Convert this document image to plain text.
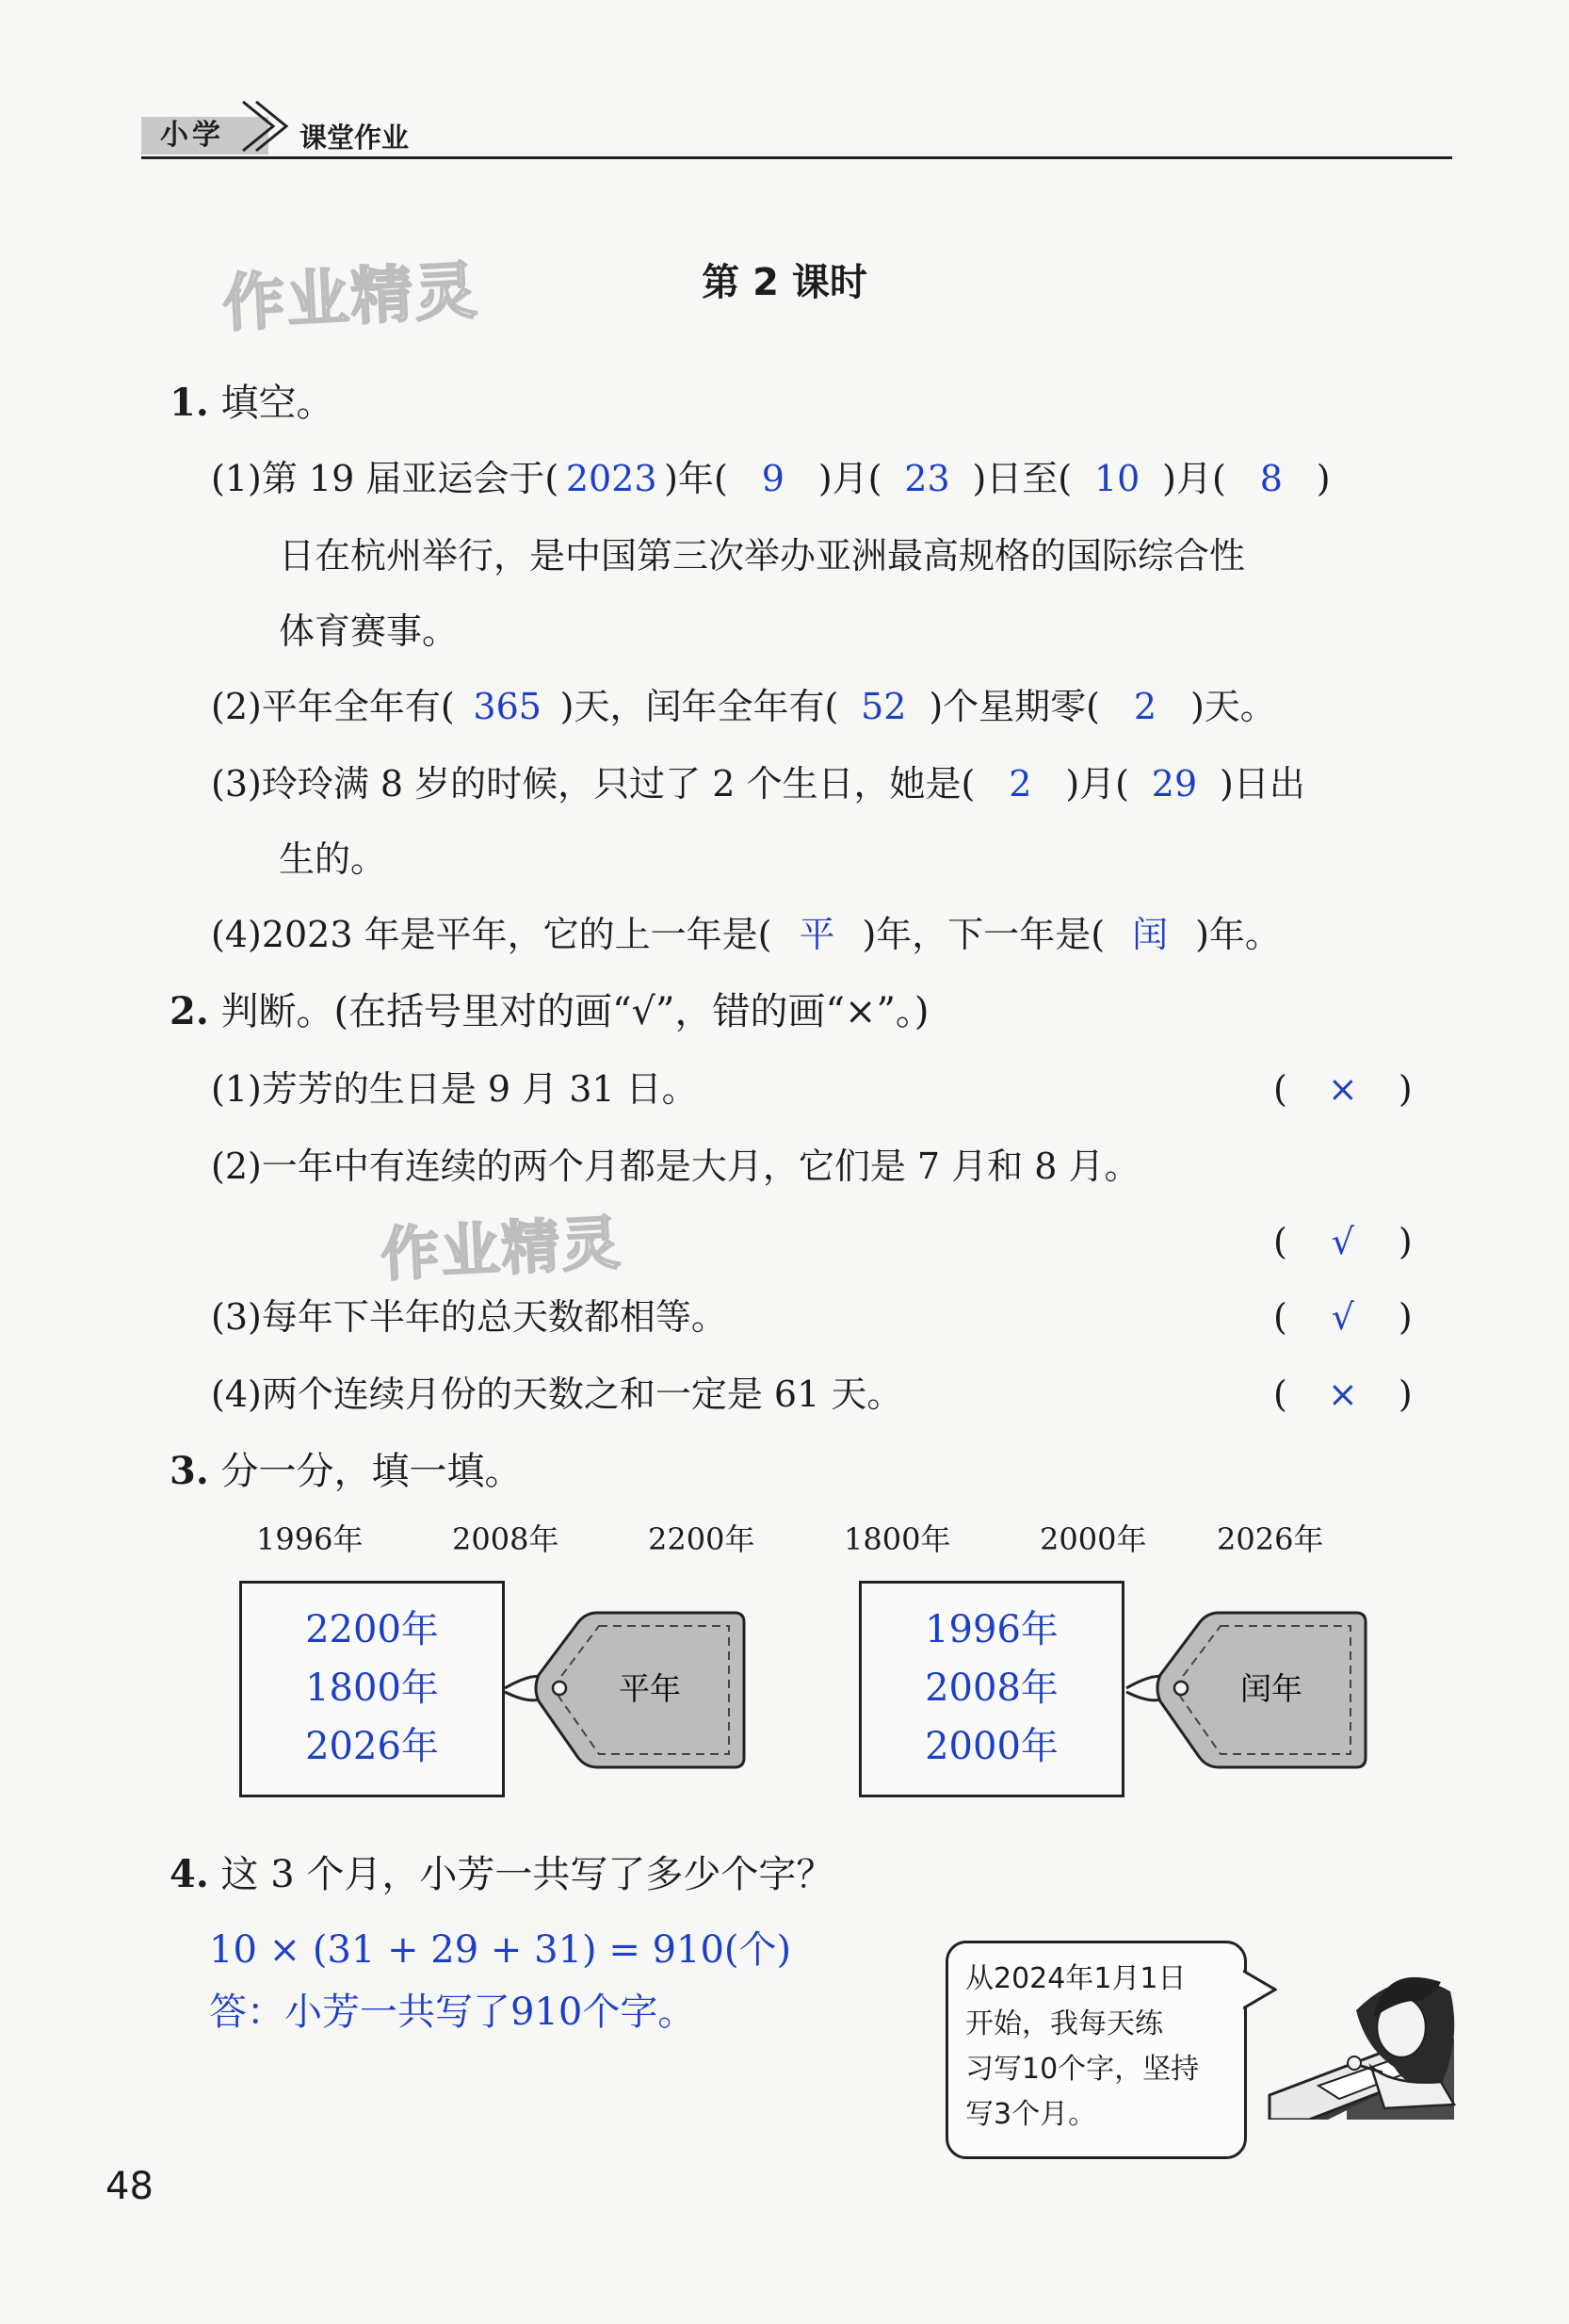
小学	课堂作业
作业精灵
作业精灵
第 2 课时
1. 填空。
(1)第 19 届亚运会于( 2023 )年( 9 )月( 23 )日至( 10 )月( 8 )
日在杭州举行，是中国第三次举办亚洲最高规格的国际综合性
体育赛事。
(2)平年全年有( 365 )天，闰年全年有( 52 )个星期零( 2 )天。
(3)玲玲满 8 岁的时候，只过了 2 个生日，她是( 2 )月( 29 )日出
生的。
(4)2023 年是平年，它的上一年是( 平 )年，下一年是( 闰 )年。
2. 判断。(在括号里对的画“√”，错的画“×”。)
(1)芳芳的生日是 9 月 31 日。	( × )
(2)一年中有连续的两个月都是大月，它们是 7 月和 8 月。
( √ )
(3)每年下半年的总天数都相等。	( √ )
(4)两个连续月份的天数之和一定是 61 天。	( × )
3. 分一分，填一填。
1996年	2008年	2200年	1800年	2000年 2026年
2200年
1800年
2026年
平年
1996年
2008年
2000年
闰年
4. 这 3 个月，小芳一共写了多少个字？
10 × (31 + 29 + 31) = 910(个)
答：小芳一共写了910个字。
从2024年1月1日
开始，我每天练
习写10个字，坚持
写3个月。
48
